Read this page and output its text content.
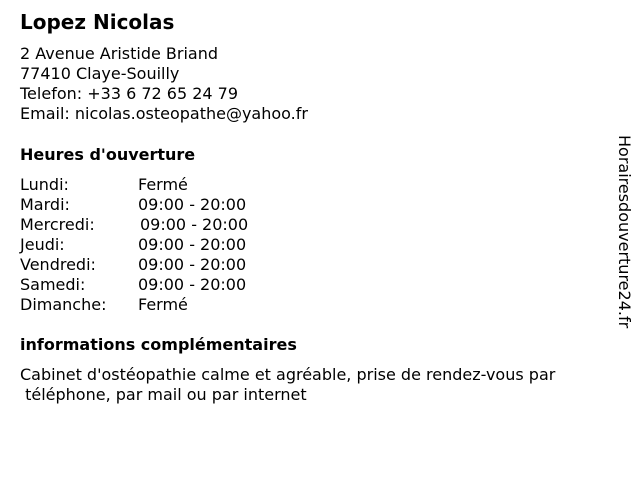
Lopez Nicolas
2 Avenue Aristide Briand
77410 Claye-Souilly
Telefon: +33 6 72 65 24 79
Email: nicolas.osteopathe@yahoo.fr
Heures d'ouverture
Lundi:	Fermé
Mardi:	09:00 - 20:00
Mercredi:	09:00 - 20:00
Jeudi:	09:00 - 20:00
Vendredi:	09:00 - 20:00
Samedi:	09:00 - 20:00
Dimanche: Fermé
informations complémentaires
Cabinet d'ostéopathie calme et agréable, prise de rendez-vous par
téléphone, par mail ou par internet
Horairesdouverture24.fr
